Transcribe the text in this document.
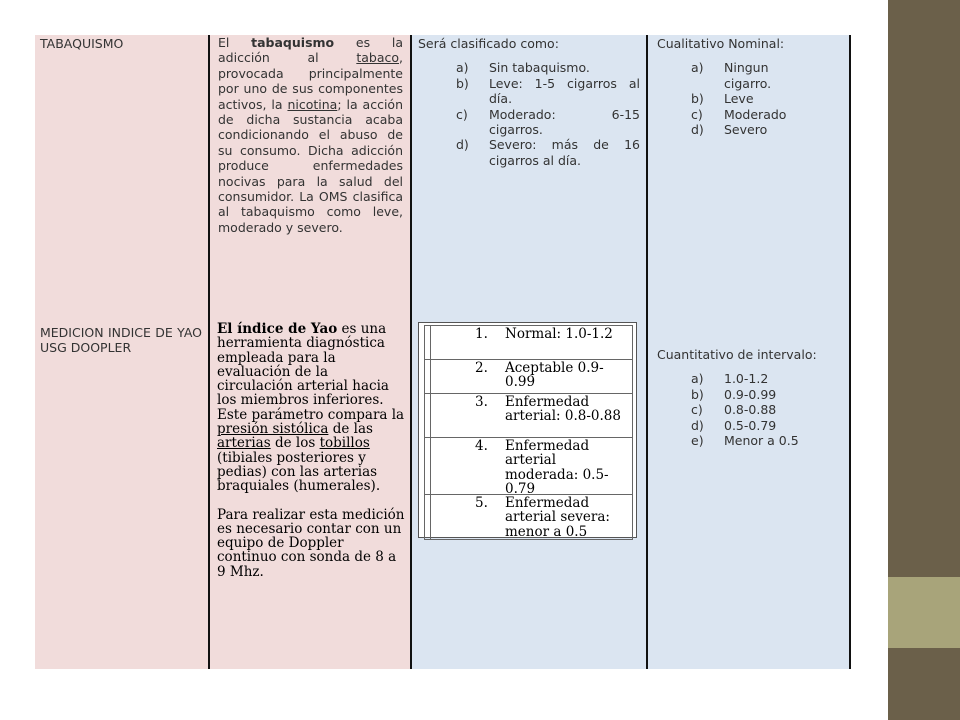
TABAQUISMO	El tabaquismo es la adicción al	tabaco, provocada principalmente por uno de sus componentes activos, la nicotina; la acción de dicha sustancia acaba condicionando el abuso de su consumo. Dicha adicción produce enfermedades nocivas para la salud del consumidor. La OMS clasifica al tabaquismo como leve, moderado y severo.
Será clasificado como:
a) Sin tabaquismo.
b) Leve: 1-5 cigarros al día.
c) Moderado: 6-15 cigarros.
d) Severo: más de 16 cigarros al día.
Cualitativo Nominal:
a) Ningun cigarro.
b) Leve
c) Moderado
d) Severo
MEDICION INDICE DE YAO USG DOOPLER
El índice de Yao es una herramienta diagnóstica empleada para la evaluación de la circulación arterial hacia los miembros inferiores. Este parámetro compara la presión sistólica de las arterias de los tobillos (tibiales posteriores y pedias) con las arterias braquiales (humerales).
Para realizar esta medición es necesario contar con un equipo de Doppler continuo con sonda de 8 a 9 Mhz.
1. Normal: 1.0-1.2
2. Aceptable 0.9-0.99
3. Enfermedad arterial: 0.8-0.88
4. Enfermedad arterial moderada: 0.5-0.79
5. Enfermedad arterial severa: menor a 0.5
Cuantitativo de intervalo:
a) 1.0-1.2
b) 0.9-0.99
c) 0.8-0.88
d) 0.5-0.79
e) Menor a 0.5
